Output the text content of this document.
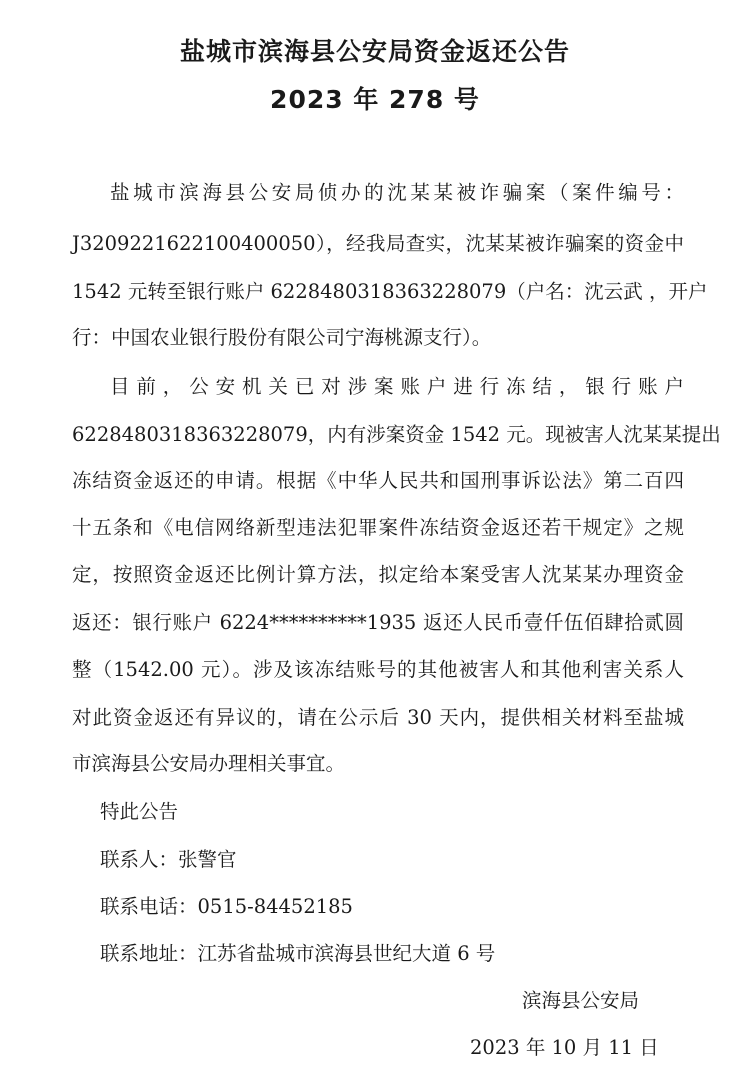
盐城市滨海县公安局资金返还公告
2023 年 278 号

盐城市滨海县公安局侦办的沈某某被诈骗案（案件编号：

J3209221622100400050），经我局查实，沈某某被诈骗案的资金中

1542 元转至银行账户 6228480318363228079（户名：沈云武 ，开户

行：中国农业银行股份有限公司宁海桃源支行）。

目前，公安机关已对涉案账户进行冻结，银行账户

6228480318363228079，内有涉案资金 1542 元。现被害人沈某某提出

冻结资金返还的申请。根据《中华人民共和国刑事诉讼法》第二百四

十五条和《电信网络新型违法犯罪案件冻结资金返还若干规定》之规

定，按照资金返还比例计算方法，拟定给本案受害人沈某某办理资金

返还：银行账户 6224**********1935 返还人民币壹仟伍佰肆拾贰圆

整（1542.00 元）。涉及该冻结账号的其他被害人和其他利害关系人

对此资金返还有异议的，请在公示后 30 天内，提供相关材料至盐城

市滨海县公安局办理相关事宜。

特此公告

联系人：张警官

联系电话：0515-84452185

联系地址：江苏省盐城市滨海县世纪大道 6 号

滨海县公安局
2023 年 10 月 11 日
